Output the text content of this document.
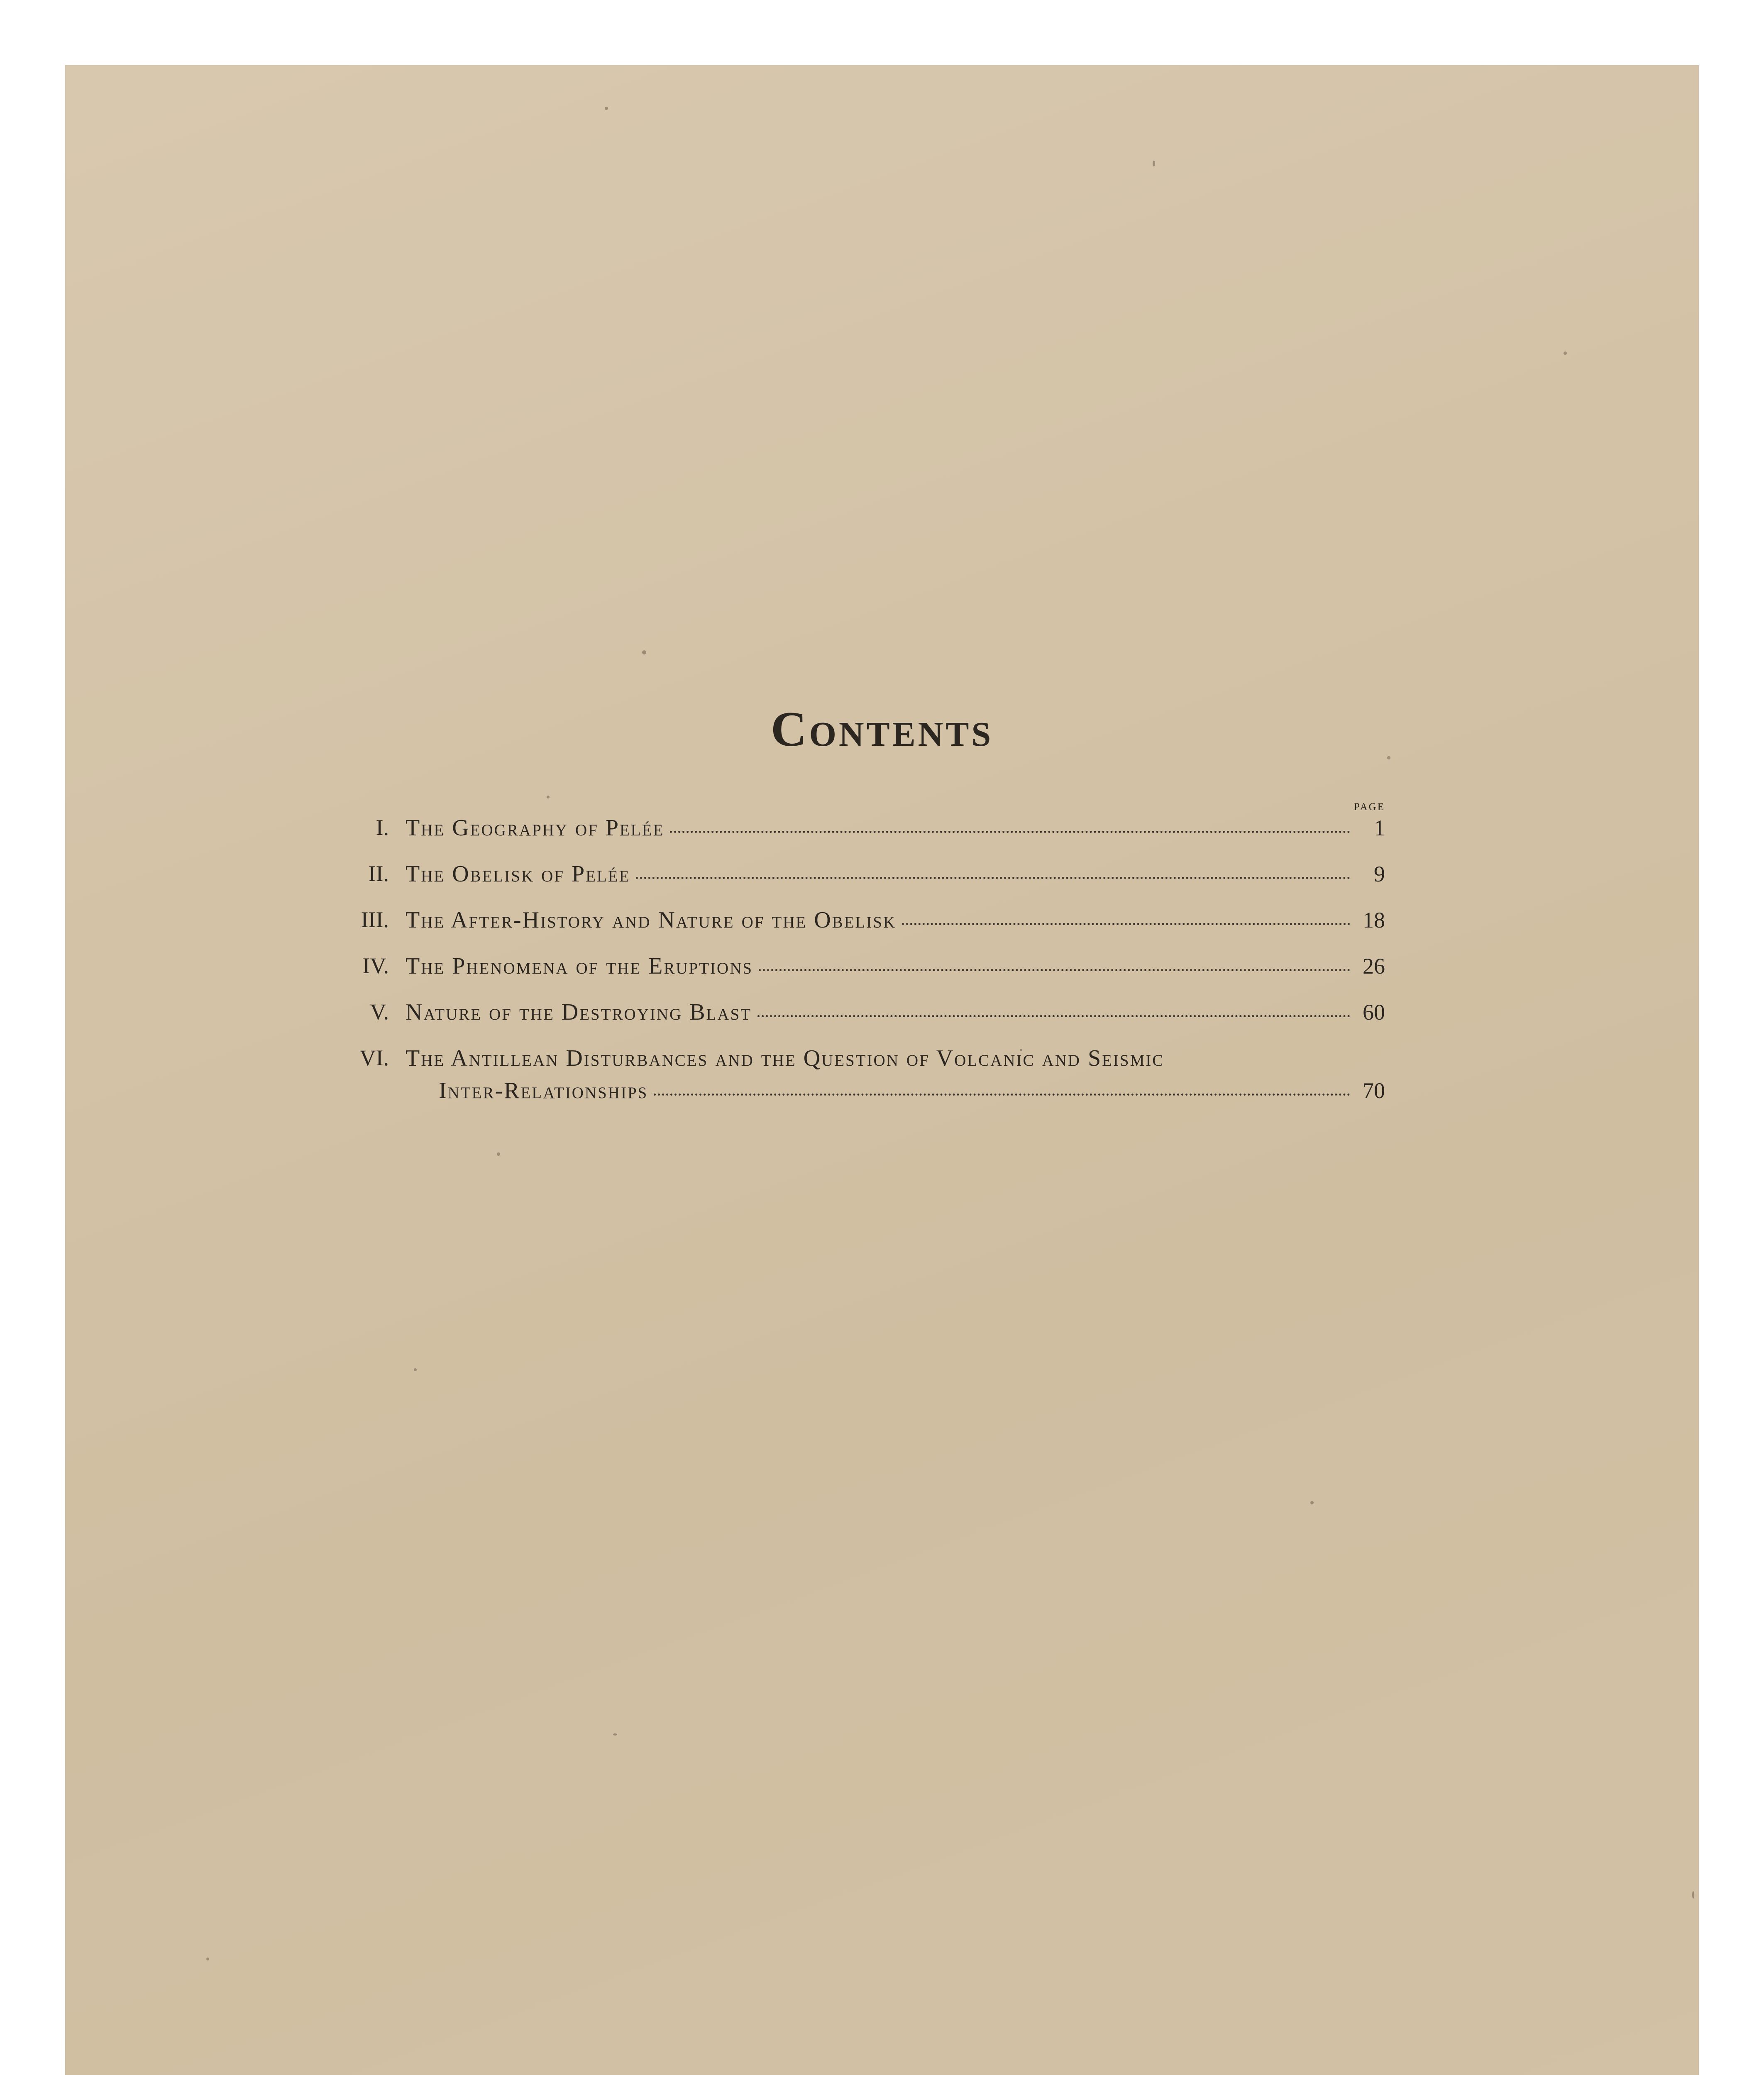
Contents
page
I. The Geography of Pelée	1
II. The Obelisk of Pelée	9
III. The After-History and Nature of the Obelisk	18
IV. The Phenomena of the Eruptions	26
V. Nature of the Destroying Blast	60
VI. The Antillean Disturbances and the Question of Volcanic and Seismic
Inter-Relationships	70
